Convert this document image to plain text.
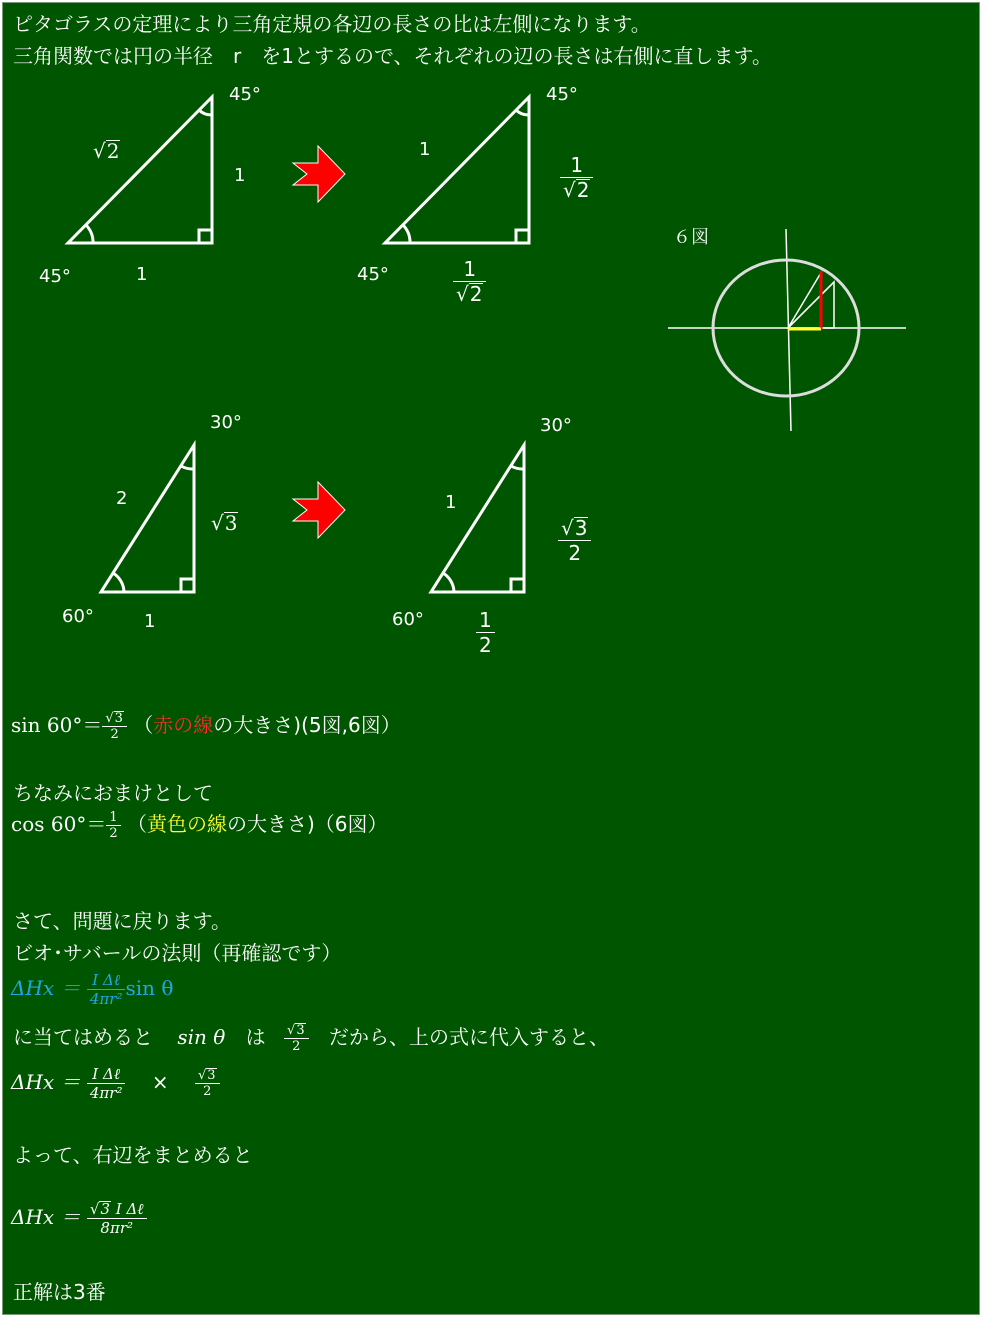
ピタゴラスの定理により三角定規の各辺の長さの比は左側になります。
三角関数では円の半径　r　を1とするので、それぞれの辺の長さは右側に直します。
45°
√2
1
45°	1
45°
1
$\frac{1}{√2}$
45°	$\frac{1}{√2}$
６図
30°
2
√3
60°	1
30°
1
$\frac{√3}{2}$
60°	$\frac{1}{2}$
$\sin 60^\circ= \frac{√3}{2}$ （赤の線の大きさ)(5図,6図）
ちなみにおまけとして
$\cos 60^\circ= \frac{1}{2}$ （黄色の線の大きさ)（6図）
さて、問題に戻ります。
ビオ･サバールの法則（再確認です）
$\Delta Hx = \frac{\text{𝐼 Δℓ}}{\text{4πr²}}$ sin θ
に当てはめると sin θ は $\frac{√3}{2}$ だから、上の式に代入すると、
$\Delta Hx = \frac{\text{𝐼 Δℓ}}{\text{4πr²}} \times \frac{√3}{2}$
よって、右辺をまとめると
$\Delta Hx = \frac{\text{√3 𝐼 Δℓ}}{\text{8πr²}}$
正解は3番
